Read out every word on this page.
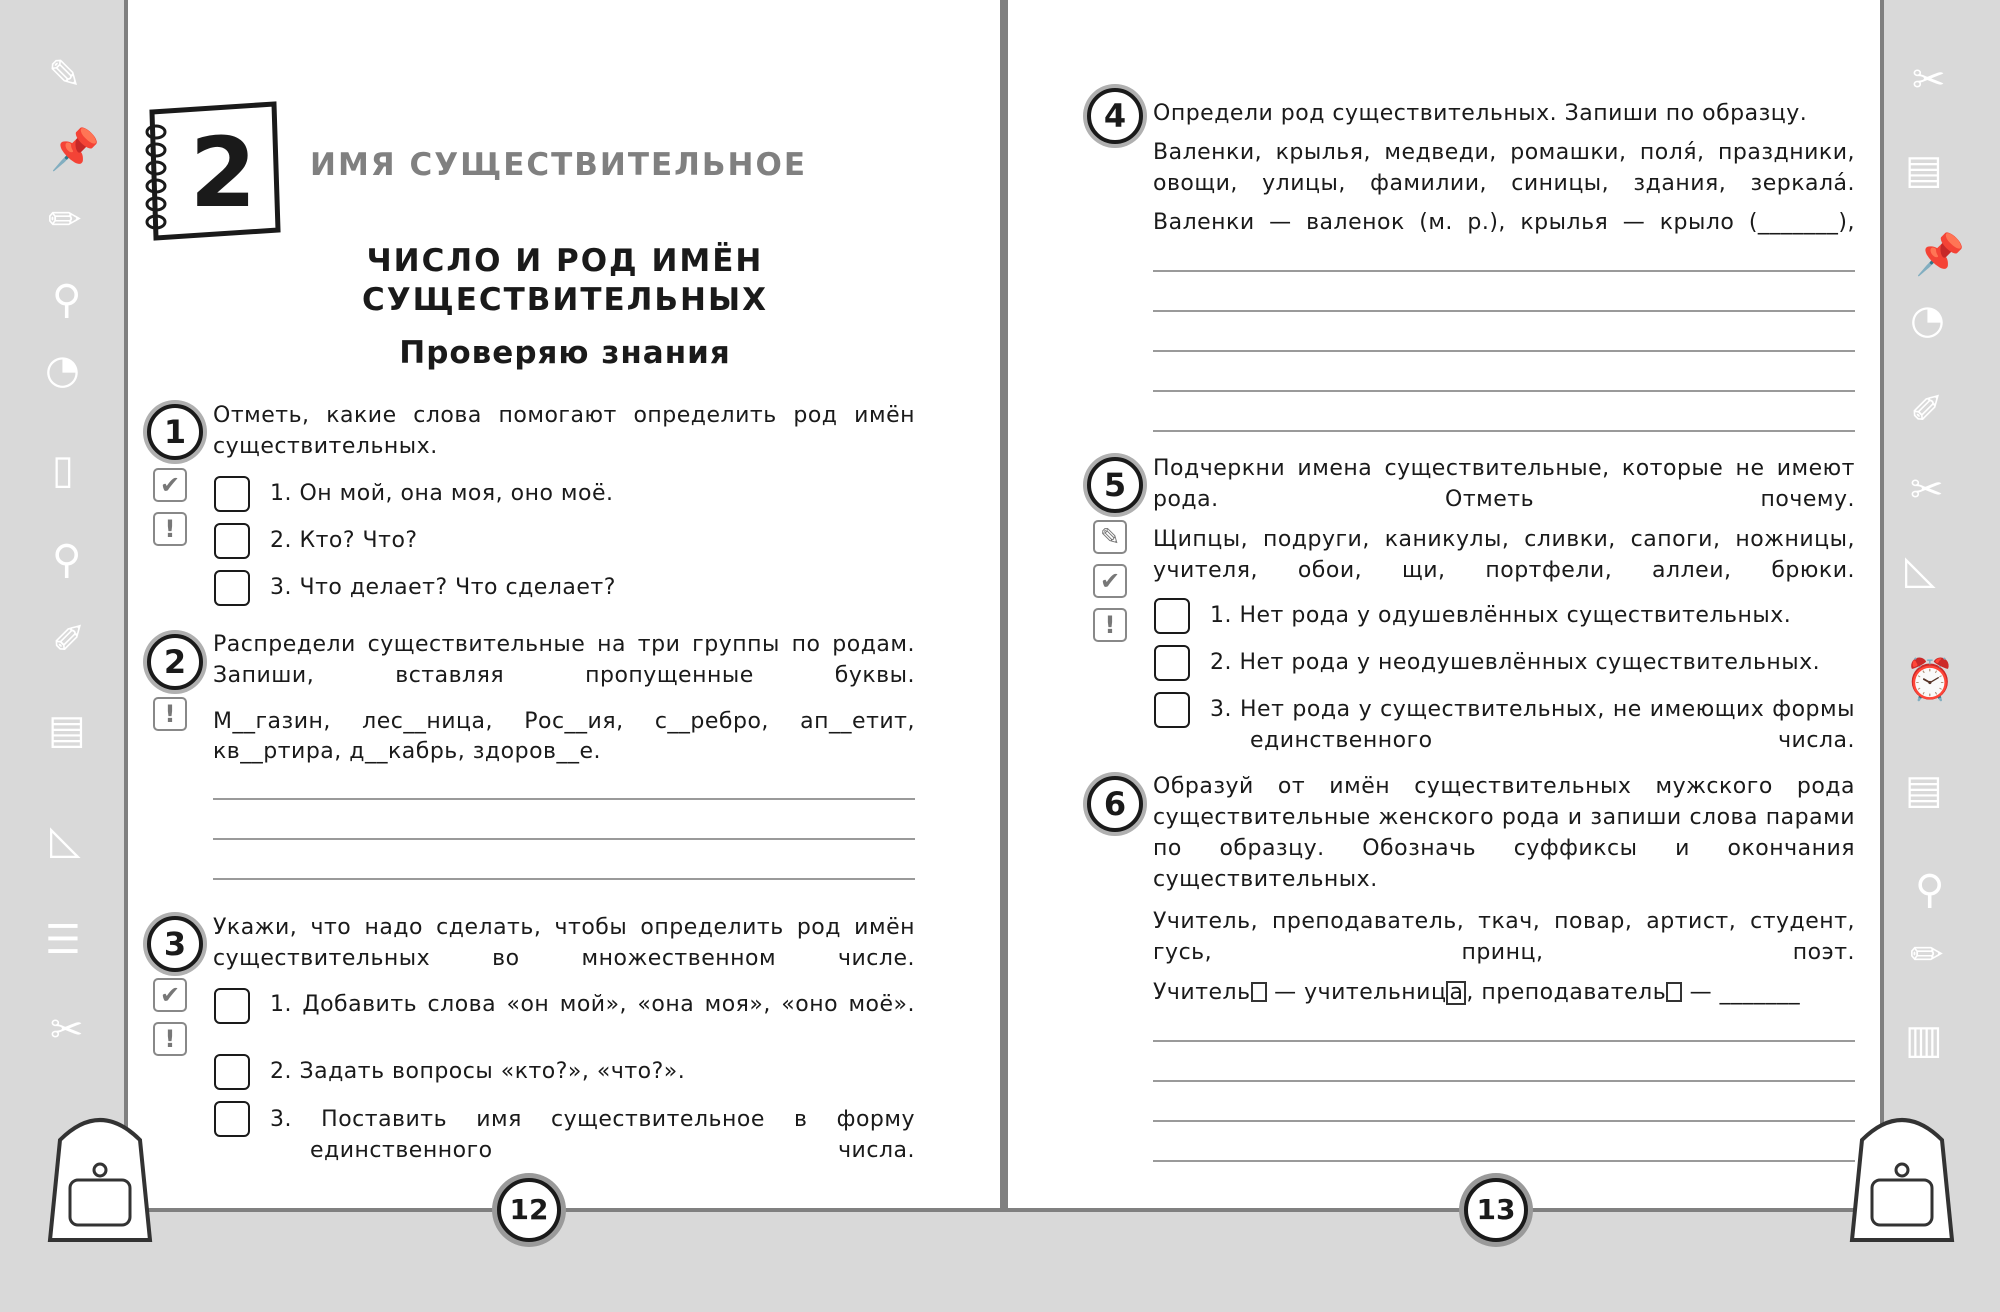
✎
📌
✏
⚲
◔
▯
⚲
✐
▤
◺
☰
✂
✂
▤
📌
◔
✐
✂
◺
⏰
▤
⚲
✏
▥
2 ИМЯ СУЩЕСТВИТЕЛЬНОЕ
ЧИСЛО И РОД ИМЁН
СУЩЕСТВИТЕЛЬНЫХ
Проверяю знания
1	Отметь, какие слова помогают определить род имён существительных.
✔
!
1. Он мой, она моя, оно моё.
2. Кто? Что?
3. Что делает? Что сделает?
2	Распредели существительные на три группы по родам. Запиши, вставляя пропущенные буквы.
!	М__газин, лес__ница, Рос__ия, с__ребро, ап__етит,
кв__ртира, д__кабрь, здоров__е.
3	Укажи, что надо сделать, чтобы определить род имён существительных во множественном числе.
✔
!
1. Добавить слова «он мой», «она моя», «оно моё».
2. Задать вопросы «кто?», «что?».
3. Поставить имя существительное в форму единственного числа.
4	Определи род существительных. Запиши по образцу.
Валенки, крылья, медведи, ромашки, поля́, праздники, овощи, улицы, фамилии, синицы, здания, зеркала́.
Валенки — валенок (м. р.), крылья — крыло (_______),
5	Подчеркни имена существительные, которые не имеют рода. Отметь почему.
✎
✔
!
Щипцы, подруги, каникулы, сливки, сапоги, ножницы, учителя, обои, щи, портфели, аллеи, брюки.
1. Нет рода у одушевлённых существительных.
2. Нет рода у неодушевлённых существительных.
3. Нет рода у существительных, не имеющих формы единственного числа.
6	Образуй от имён существительных мужского рода существительные женского рода и запиши слова парами по образцу. Обозначь суффиксы и окончания существительных.
Учитель, преподаватель, ткач, повар, артист, студент, гусь, принц, поэт.
Учитель — учительниц а , преподаватель — _______
12	13
